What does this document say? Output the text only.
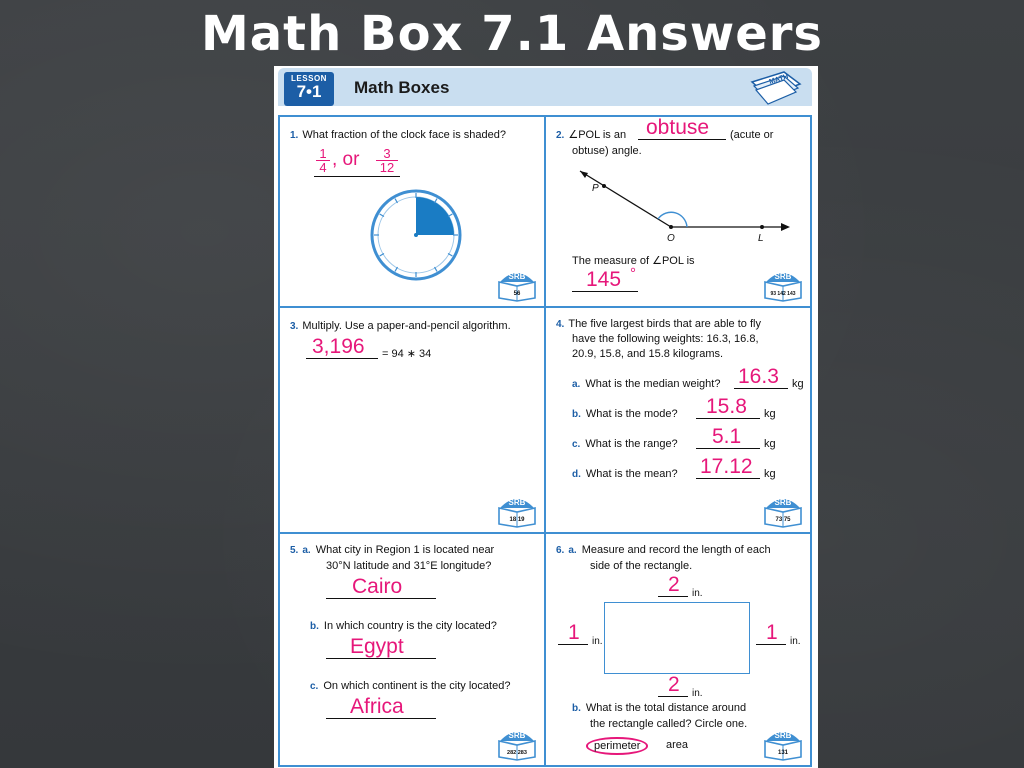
Math Box 7.1 Answers
LESSON
7•1	Math Boxes	MATH
1. What fraction of the clock face is shaded?
$\frac{1}{4}$ , or $\frac{3}{12}$
SRB
56
2. ∠POL is an obtuse (acute or
obtuse) angle.
P
O	L
The measure of ∠POL is
145 °	SRB
93 142 143
3. Multiply. Use a paper-and-pencil algorithm.
3,196 = 94 ∗ 34
SRB
18 19
4. The five largest birds that are able to fly
have the following weights: 16.3, 16.8,
20.9, 15.8, and 15.8 kilograms.
a. What is the median weight? 16.3 kg
b. What is the mode? 15.8 kg
c. What is the range? 5.1 kg
d. What is the mean? 17.12 kg
SRB
73 75
5. a. What city in Region 1 is located near
30°N latitude and 31°E longitude?
Cairo
b. In which country is the city located?
Egypt
c. On which continent is the city located?
Africa
SRB
282 283
6. a. Measure and record the length of each
side of the rectangle.
2 in.
1 in.	1 in.
2 in.
b. What is the total distance around
the rectangle called? Circle one.
perimeter	area
SRB
131
